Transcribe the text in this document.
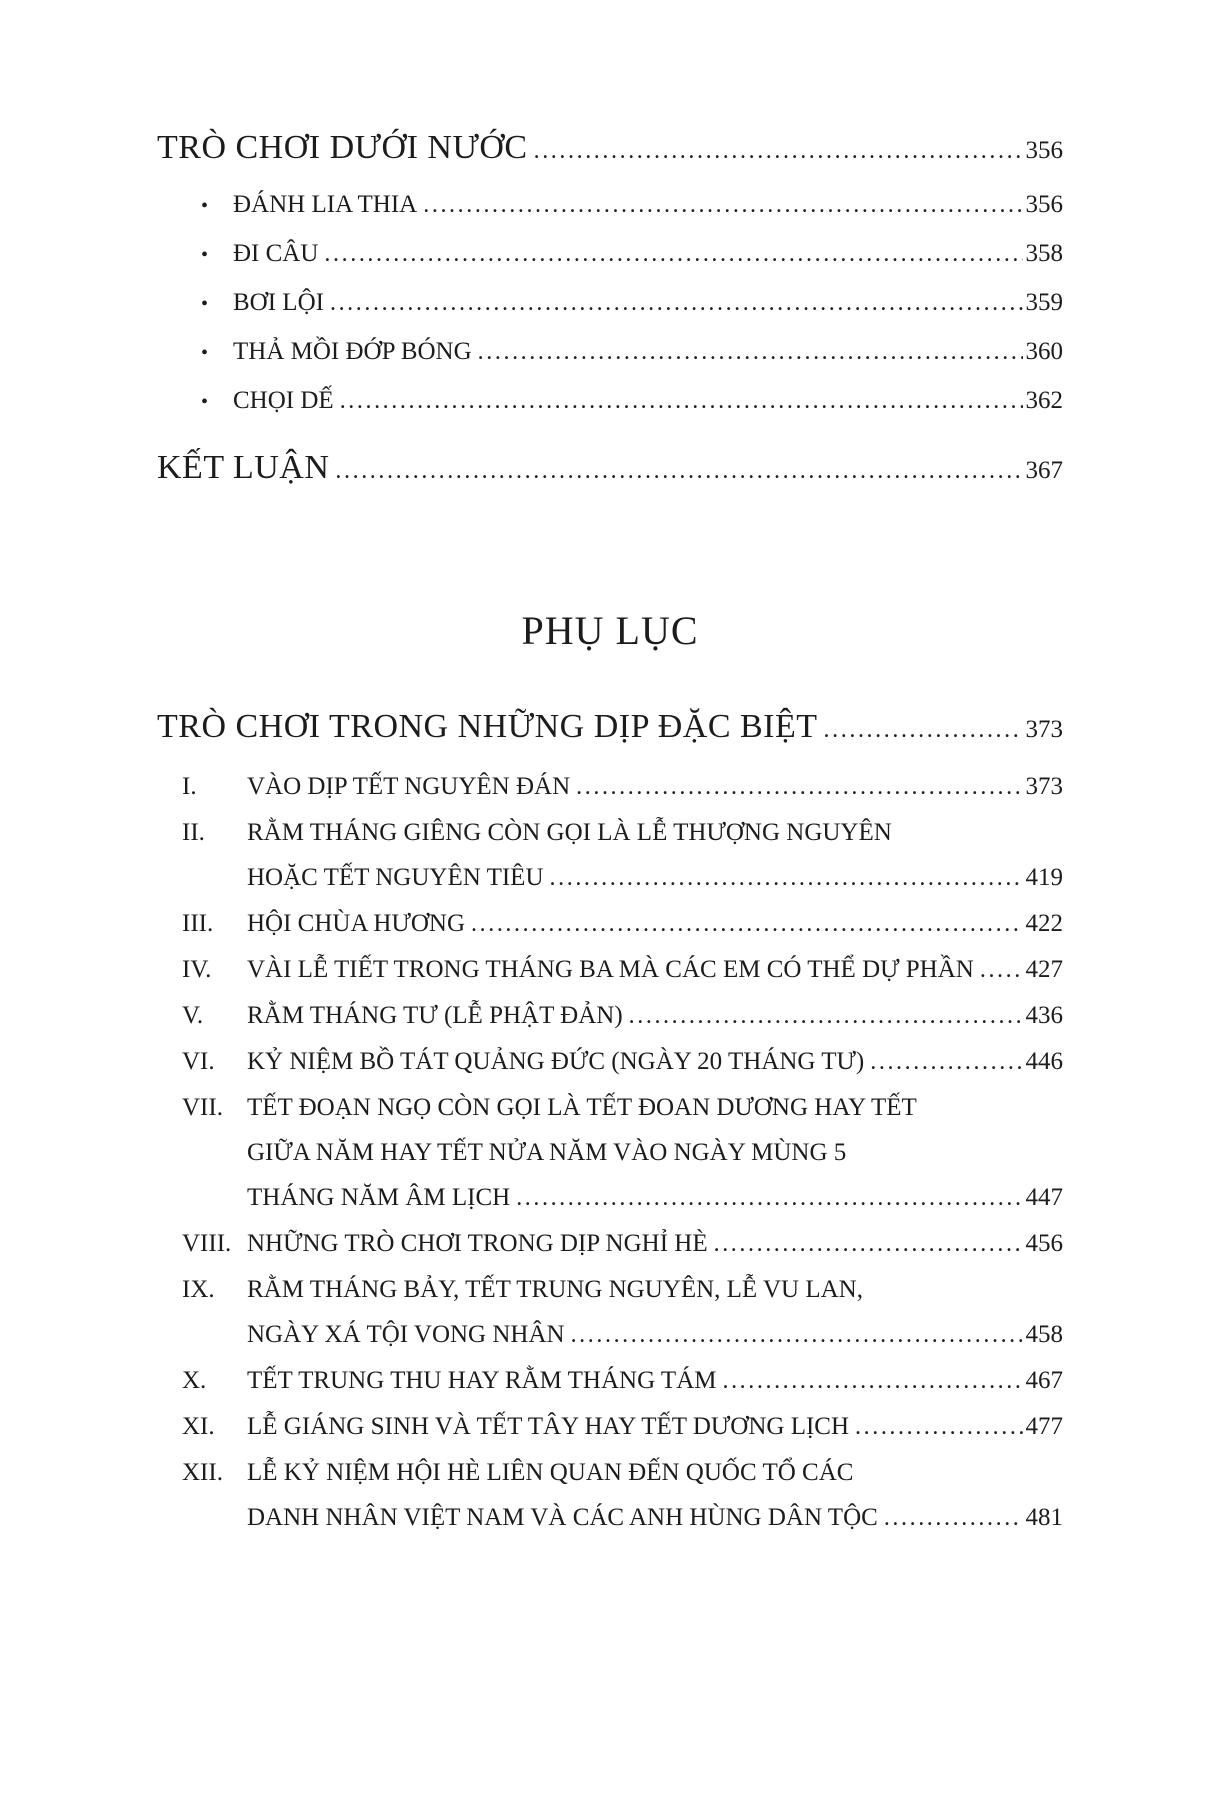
TRÒ CHƠI DƯỚI NƯỚC .....	356
• ĐÁNH LIA THIA .....	356
• ĐI CÂU .....	358
• BƠI LỘI .....	359
• THẢ MỒI ĐỚP BÓNG .....	360
• CHỌI DẾ .....	362
KẾT LUẬN .....	367
PHỤ LỤC
TRÒ CHƠI TRONG NHỮNG DỊP ĐẶC BIỆT .....	373
I.	VÀO DỊP TẾT NGUYÊN ĐÁN .....	373
II.	RẰM THÁNG GIÊNG CÒN GỌI LÀ LỄ THƯỢNG NGUYÊN
HOẶC TẾT NGUYÊN TIÊU .....	419
III.	HỘI CHÙA HƯƠNG .....	422
IV.	VÀI LỄ TIẾT TRONG THÁNG BA MÀ CÁC EM CÓ THỂ DỰ PHẦN ..... 427
V.	RẰM THÁNG TƯ (LỄ PHẬT ĐẢN) .....	436
VI.	KỶ NIỆM BỒ TÁT QUẢNG ĐỨC (NGÀY 20 THÁNG TƯ) .....	446
VII. TẾT ĐOẠN NGỌ CÒN GỌI LÀ TẾT ĐOAN DƯƠNG HAY TẾT
GIỮA NĂM HAY TẾT NỬA NĂM VÀO NGÀY MÙNG 5
THÁNG NĂM ÂM LỊCH .....	447
VIII. NHỮNG TRÒ CHƠI TRONG DỊP NGHỈ HÈ .....	456
IX.	RẰM THÁNG BẢY, TẾT TRUNG NGUYÊN, LỄ VU LAN,
NGÀY XÁ TỘI VONG NHÂN .....	458
X.	TẾT TRUNG THU HAY RẰM THÁNG TÁM .....	467
XI.	LỄ GIÁNG SINH VÀ TẾT TÂY HAY TẾT DƯƠNG LỊCH .....	477
XII. LỄ KỶ NIỆM HỘI HÈ LIÊN QUAN ĐẾN QUỐC TỔ CÁC
DANH NHÂN VIỆT NAM VÀ CÁC ANH HÙNG DÂN TỘC .....	481
